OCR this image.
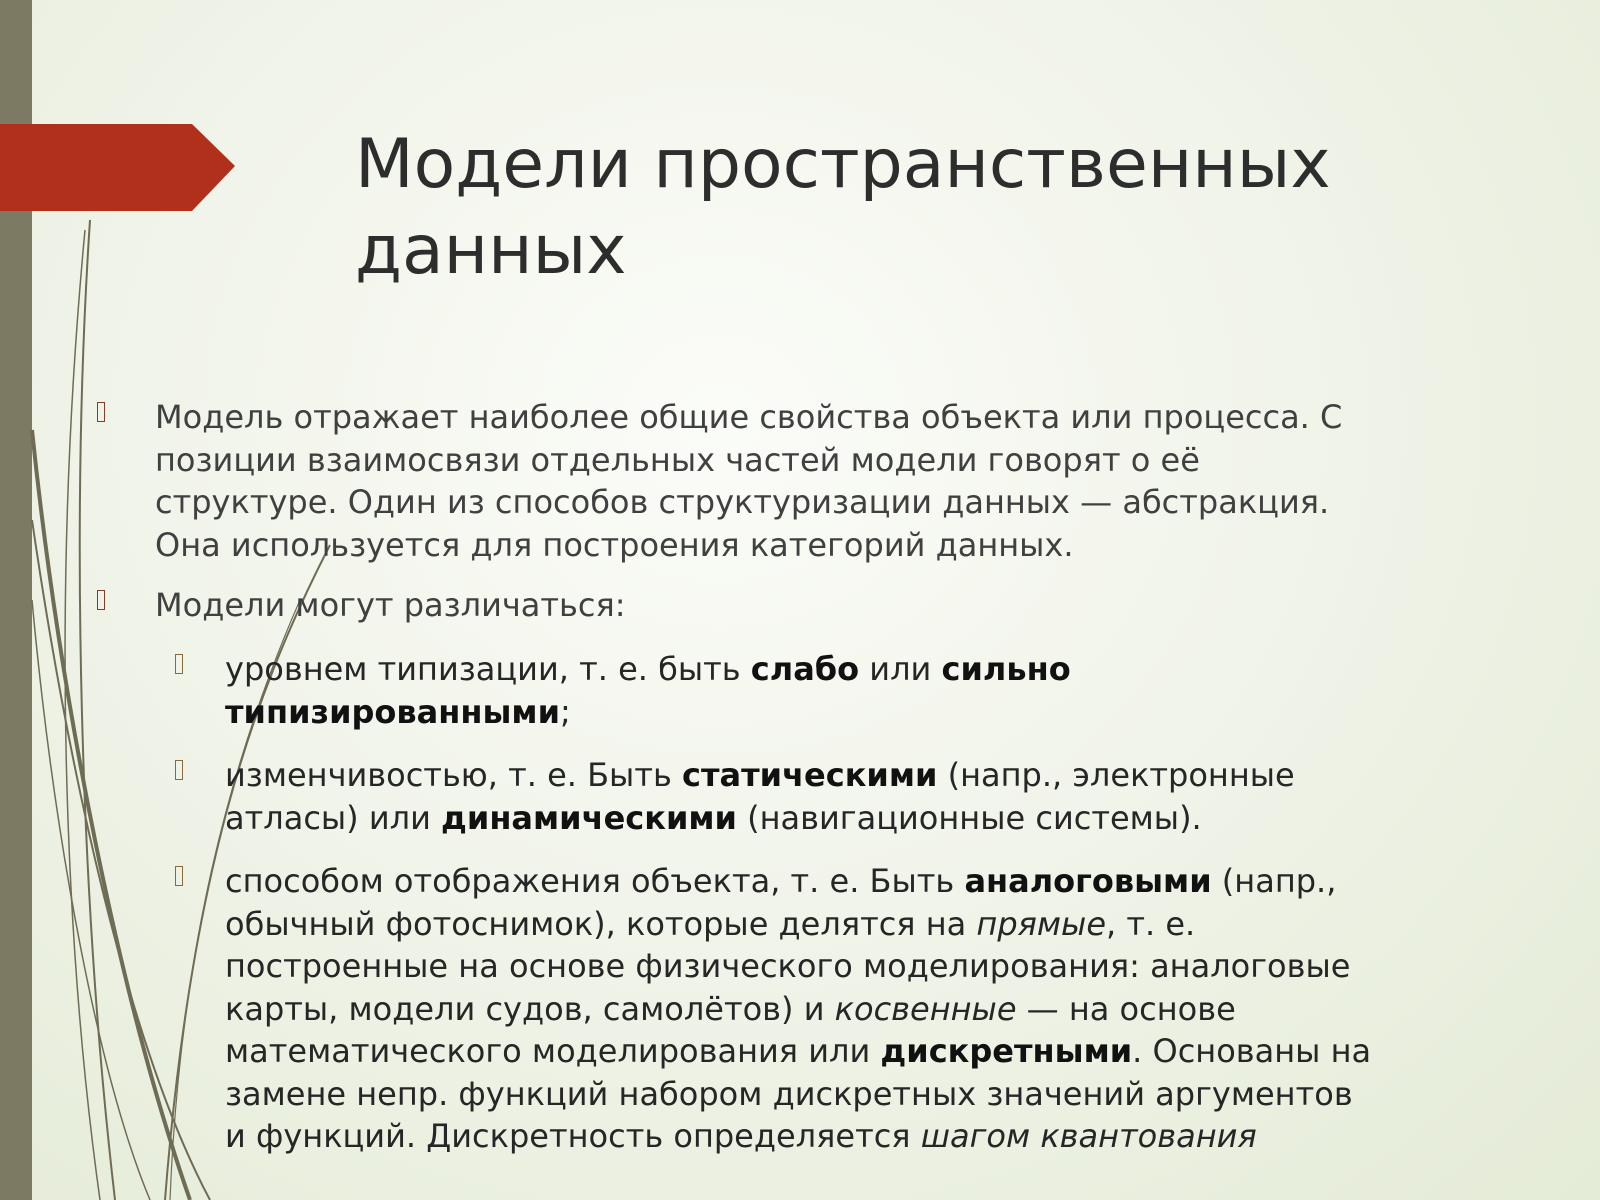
Модели пространственных данных
Модель отражает наиболее общие свойства объекта или процесса. С позиции взаимосвязи отдельных частей модели говорят о её структуре. Один из способов структуризации данных — абстракция. Она используется для построения категорий данных.
Модели могут различаться:
уровнем типизации, т. е. быть слабо или сильно типизированными;
изменчивостью, т. е. Быть статическими (напр., электронные атласы) или динамическими (навигационные системы).
способом отображения объекта, т. е. Быть аналоговыми (напр., обычный фотоснимок), которые делятся на прямые, т. е. построенные на основе физического моделирования: аналоговые карты, модели судов, самолётов) и косвенные — на основе математического моделирования или дискретными. Основаны на замене непр. функций набором дискретных значений аргументов и функций. Дискретность определяется шагом квантования
